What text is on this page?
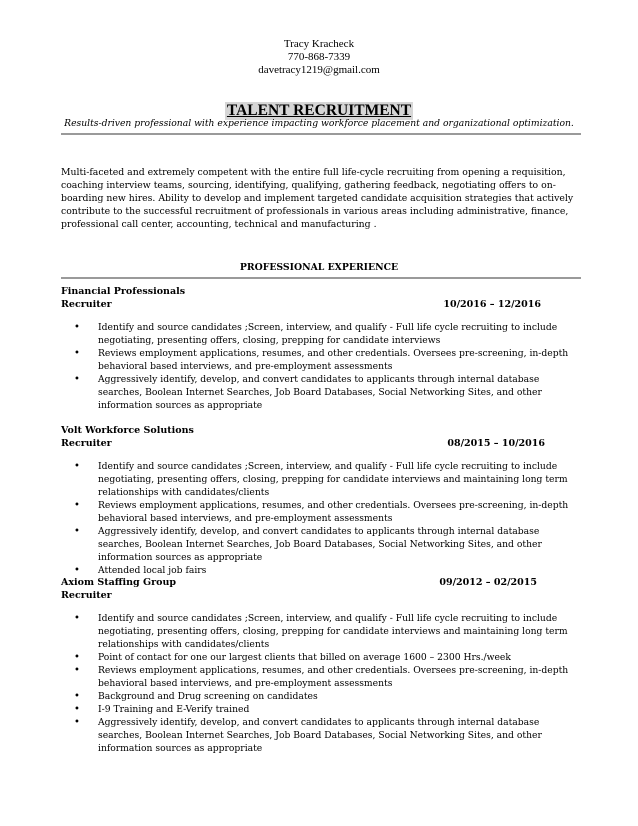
Tracy Kracheck
770-868-7339
davetracy1219@gmail.com
TALENT RECRUITMENT
Results-driven professional with experience impacting workforce placement and organizational optimization.
Multi-faceted and extremely competent with the entire full life-cycle recruiting from opening a requisition, coaching interview teams, sourcing, identifying, qualifying, gathering feedback, negotiating offers to on-boarding new hires. Ability to develop and implement targeted candidate acquisition strategies that actively contribute to the successful recruitment of professionals in various areas including administrative, finance, professional call center, accounting, technical and manufacturing .
PROFESSIONAL EXPERIENCE
Financial Professionals
Recruiter	10/2016 – 12/2016
• Identify and source candidates ;Screen, interview, and qualify - Full life cycle recruiting to include negotiating, presenting offers, closing, prepping for candidate interviews
• Reviews employment applications, resumes, and other credentials. Oversees pre-screening, in-depth behavioral based interviews, and pre-employment assessments
• Aggressively identify, develop, and convert candidates to applicants through internal database searches, Boolean Internet Searches, Job Board Databases, Social Networking Sites, and other information sources as appropriate
Volt Workforce Solutions
Recruiter	08/2015 – 10/2016
• Identify and source candidates ;Screen, interview, and qualify - Full life cycle recruiting to include negotiating, presenting offers, closing, prepping for candidate interviews and maintaining long term relationships with candidates/clients
• Reviews employment applications, resumes, and other credentials. Oversees pre-screening, in-depth behavioral based interviews, and pre-employment assessments
• Aggressively identify, develop, and convert candidates to applicants through internal database searches, Boolean Internet Searches, Job Board Databases, Social Networking Sites, and other information sources as appropriate
• Attended local job fairs
Axiom Staffing Group	09/2012 – 02/2015
Recruiter
• Identify and source candidates ;Screen, interview, and qualify - Full life cycle recruiting to include negotiating, presenting offers, closing, prepping for candidate interviews and maintaining long term relationships with candidates/clients
• Point of contact for one our largest clients that billed on average 1600 – 2300 Hrs./week
• Reviews employment applications, resumes, and other credentials. Oversees pre-screening, in-depth behavioral based interviews, and pre-employment assessments
• Background and Drug screening on candidates
• I-9 Training and E-Verify trained
• Aggressively identify, develop, and convert candidates to applicants through internal database searches, Boolean Internet Searches, Job Board Databases, Social Networking Sites, and other information sources as appropriate
